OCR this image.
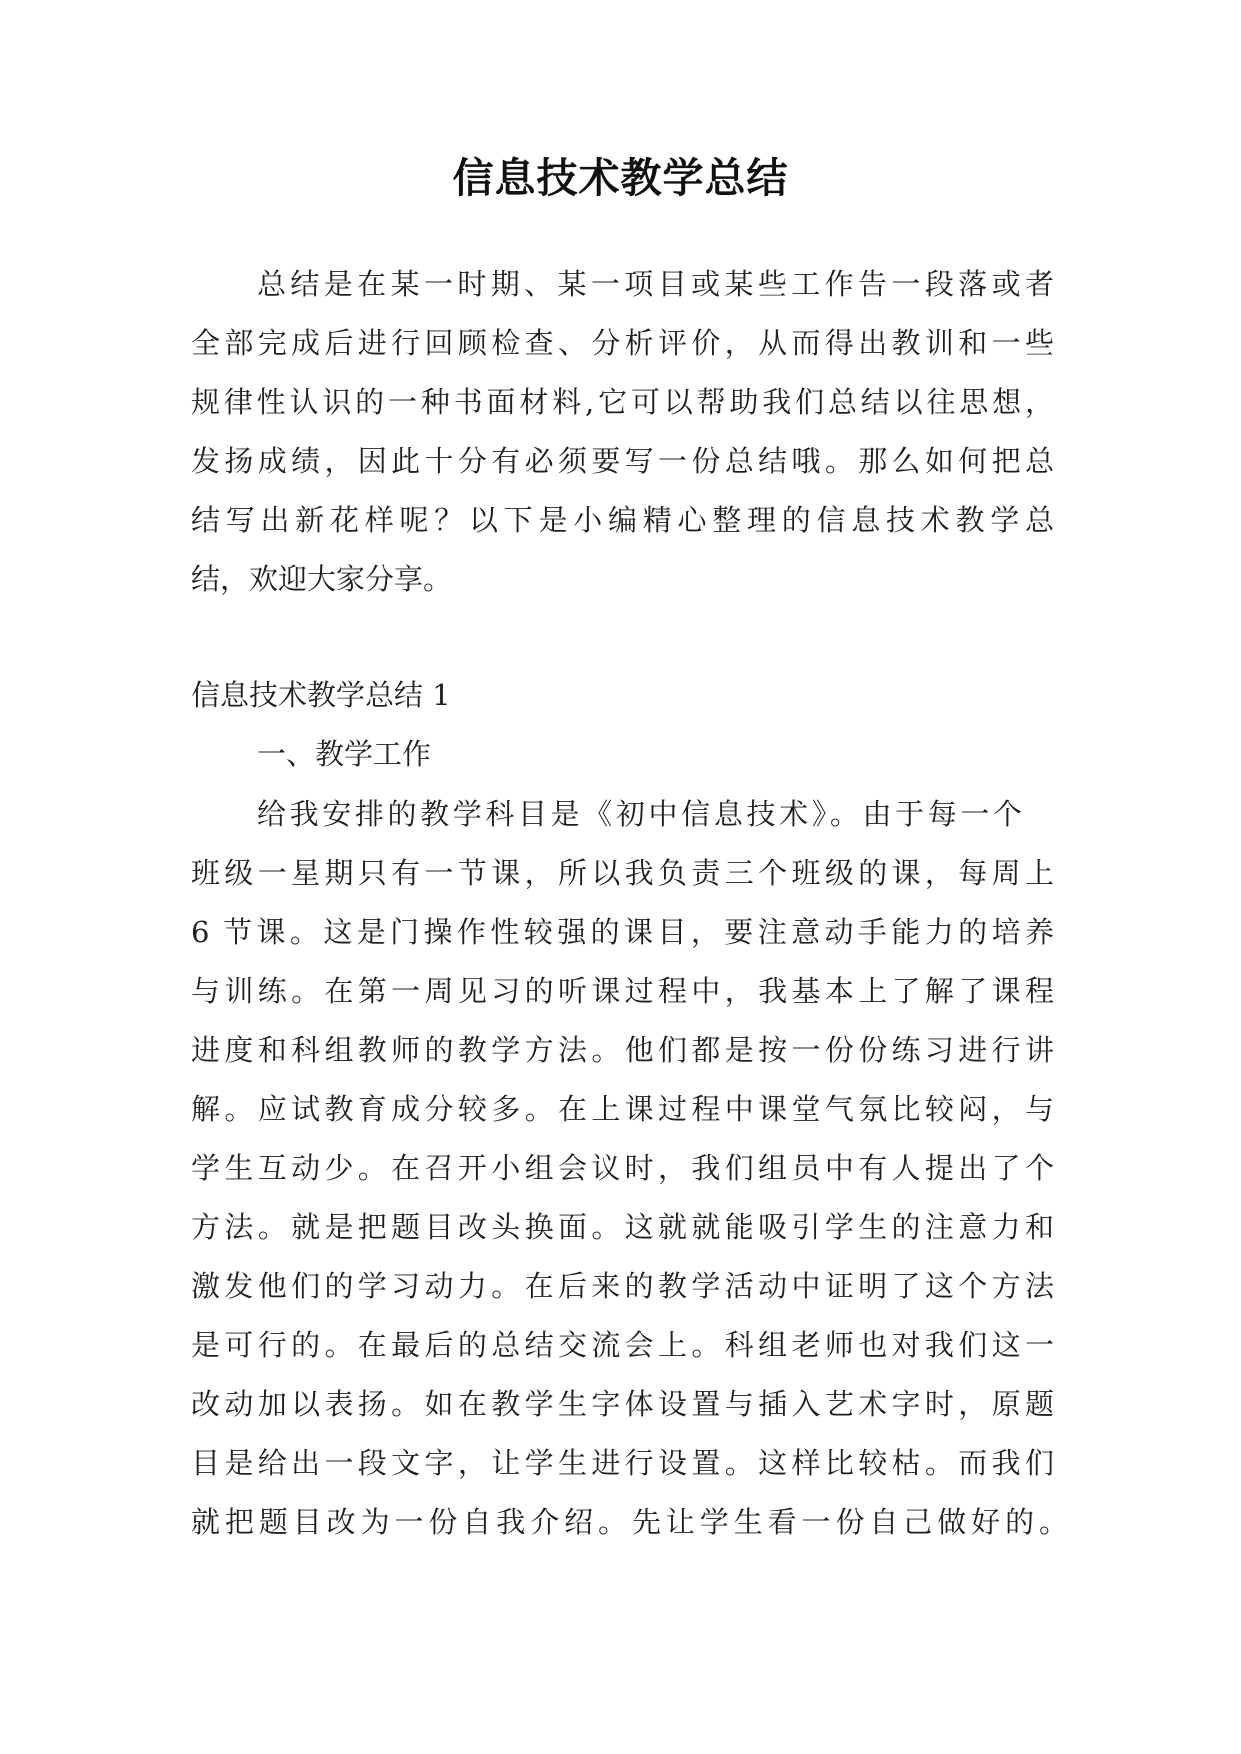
信息技术教学总结
总结是在某一时期、某一项目或某些工作告一段落或者
全部完成后进行回顾检查、分析评价，从而得出教训和一些
规律性认识的一种书面材料,它可以帮助我们总结以往思想，
发扬成绩，因此十分有必须要写一份总结哦。那么如何把总
结写出新花样呢？以下是小编精心整理的信息技术教学总
结，欢迎大家分享。
信息技术教学总结 1
一、教学工作
给我安排的教学科目是《初中信息技术》。由于每一个
班级一星期只有一节课，所以我负责三个班级的课，每周上
6 节课。这是门操作性较强的课目，要注意动手能力的培养
与训练。在第一周见习的听课过程中，我基本上了解了课程
进度和科组教师的教学方法。他们都是按一份份练习进行讲
解。应试教育成分较多。在上课过程中课堂气氛比较闷，与
学生互动少。在召开小组会议时，我们组员中有人提出了个
方法。就是把题目改头换面。这就就能吸引学生的注意力和
激发他们的学习动力。在后来的教学活动中证明了这个方法
是可行的。在最后的总结交流会上。科组老师也对我们这一
改动加以表扬。如在教学生字体设置与插入艺术字时，原题
目是给出一段文字，让学生进行设置。这样比较枯。而我们
就把题目改为一份自我介绍。先让学生看一份自己做好的。
